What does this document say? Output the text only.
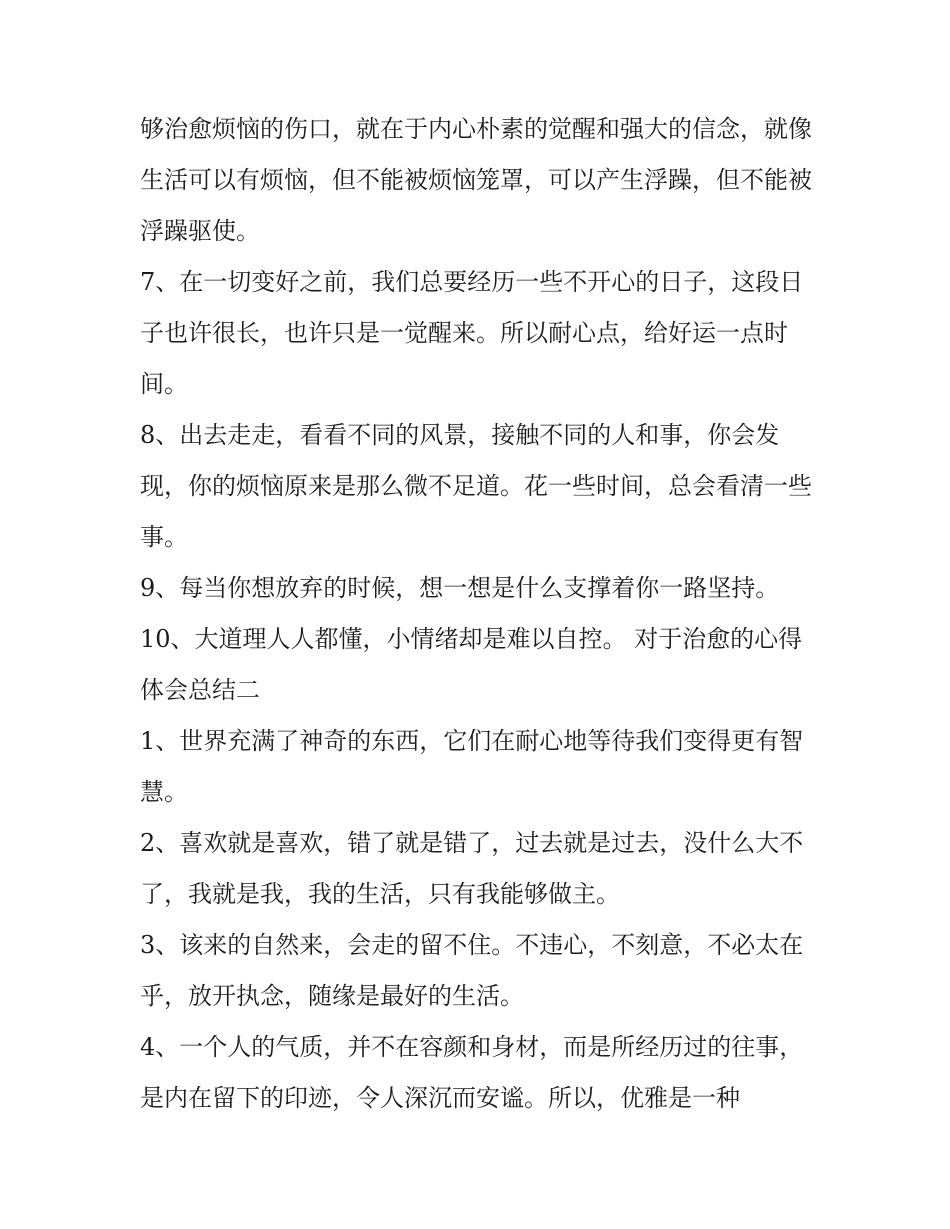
够治愈烦恼的伤口，就在于内心朴素的觉醒和强大的信念，就像生活可以有烦恼，但不能被烦恼笼罩，可以产生浮躁，但不能被浮躁驱使。

7、在一切变好之前，我们总要经历一些不开心的日子，这段日子也许很长，也许只是一觉醒来。所以耐心点，给好运一点时间。

8、出去走走，看看不同的风景，接触不同的人和事，你会发现，你的烦恼原来是那么微不足道。花一些时间，总会看清一些事。

9、每当你想放弃的时候，想一想是什么支撑着你一路坚持。

10、大道理人人都懂，小情绪却是难以自控。 对于治愈的心得体会总结二

1、世界充满了神奇的东西，它们在耐心地等待我们变得更有智慧。

2、喜欢就是喜欢，错了就是错了，过去就是过去，没什么大不了，我就是我，我的生活，只有我能够做主。

3、该来的自然来，会走的留不住。不违心，不刻意，不必太在乎，放开执念，随缘是最好的生活。

4、一个人的气质，并不在容颜和身材，而是所经历过的往事，是内在留下的印迹，令人深沉而安谧。所以，优雅是一种
